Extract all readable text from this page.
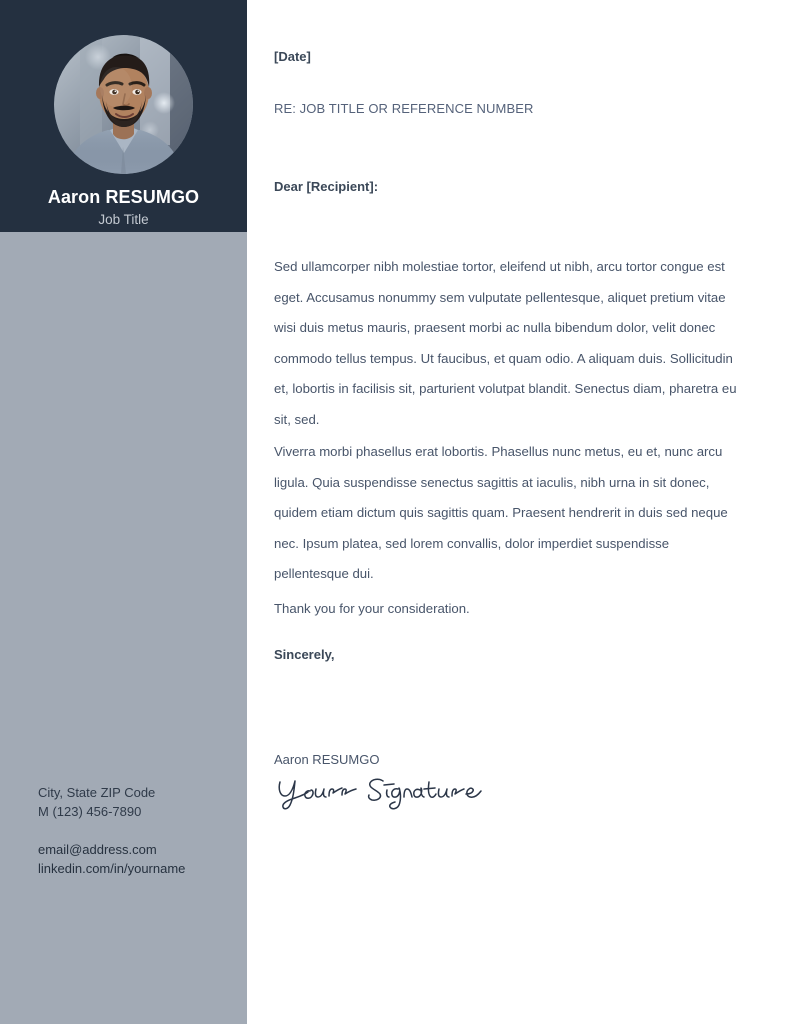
Aaron RESUMGO
Job Title
City, State ZIP Code
M (123) 456-7890
email@address.com
linkedin.com/in/yourname
[Date]
RE: JOB TITLE OR REFERENCE NUMBER
Dear [Recipient]:

Sed ullamcorper nibh molestiae tortor, eleifend ut nibh, arcu tortor congue est eget. Accusamus nonummy sem vulputate pellentesque, aliquet pretium vitae wisi duis metus mauris, praesent morbi ac nulla bibendum dolor, velit donec commodo tellus tempus. Ut faucibus, et quam odio. A aliquam duis. Sollicitudin et, lobortis in facilisis sit, parturient volutpat blandit. Senectus diam, pharetra eu sit, sed.

Viverra morbi phasellus erat lobortis. Phasellus nunc metus, eu et, nunc arcu ligula. Quia suspendisse senectus sagittis at iaculis, nibh urna in sit donec, quidem etiam dictum quis sagittis quam. Praesent hendrerit in duis sed neque nec. Ipsum platea, sed lorem convallis, dolor imperdiet suspendisse pellentesque dui.

Thank you for your consideration.
Sincerely,
Aaron RESUMGO
